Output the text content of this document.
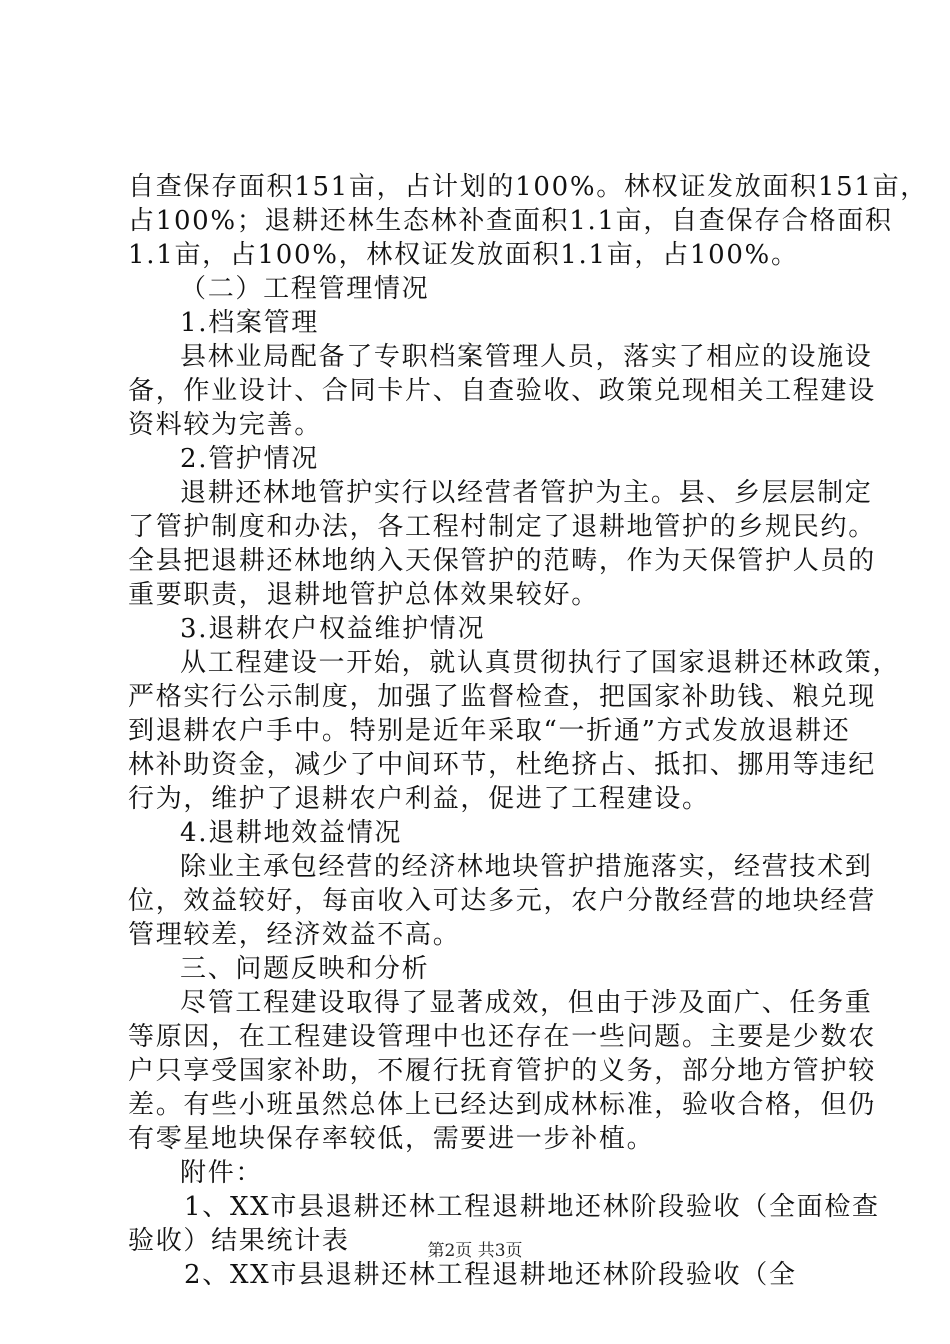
自查保存面积151亩，占计划的100%。林权证发放面积151亩，
占100%；退耕还林生态林补查面积1.1亩，自查保存合格面积
1.1亩，占100%，林权证发放面积1.1亩，占100%。
（二）工程管理情况
1.档案管理
县林业局配备了专职档案管理人员，落实了相应的设施设
备，作业设计、合同卡片、自查验收、政策兑现相关工程建设
资料较为完善。
2.管护情况
退耕还林地管护实行以经营者管护为主。县、乡层层制定
了管护制度和办法，各工程村制定了退耕地管护的乡规民约。
全县把退耕还林地纳入天保管护的范畴，作为天保管护人员的
重要职责，退耕地管护总体效果较好。
3.退耕农户权益维护情况
从工程建设一开始，就认真贯彻执行了国家退耕还林政策，
严格实行公示制度，加强了监督检查，把国家补助钱、粮兑现
到退耕农户手中。特别是近年采取“一折通”方式发放退耕还
林补助资金，减少了中间环节，杜绝挤占、抵扣、挪用等违纪
行为，维护了退耕农户利益，促进了工程建设。
4.退耕地效益情况
除业主承包经营的经济林地块管护措施落实，经营技术到
位，效益较好，每亩收入可达多元，农户分散经营的地块经营
管理较差，经济效益不高。
三、问题反映和分析
尽管工程建设取得了显著成效，但由于涉及面广、任务重
等原因，在工程建设管理中也还存在一些问题。主要是少数农
户只享受国家补助，不履行抚育管护的义务，部分地方管护较
差。有些小班虽然总体上已经达到成林标准，验收合格，但仍
有零星地块保存率较低，需要进一步补植。
附件：
1、XX市县退耕还林工程退耕地还林阶段验收（全面检查
验收）结果统计表
2、XX市县退耕还林工程退耕地还林阶段验收（全
第2页 共3页
